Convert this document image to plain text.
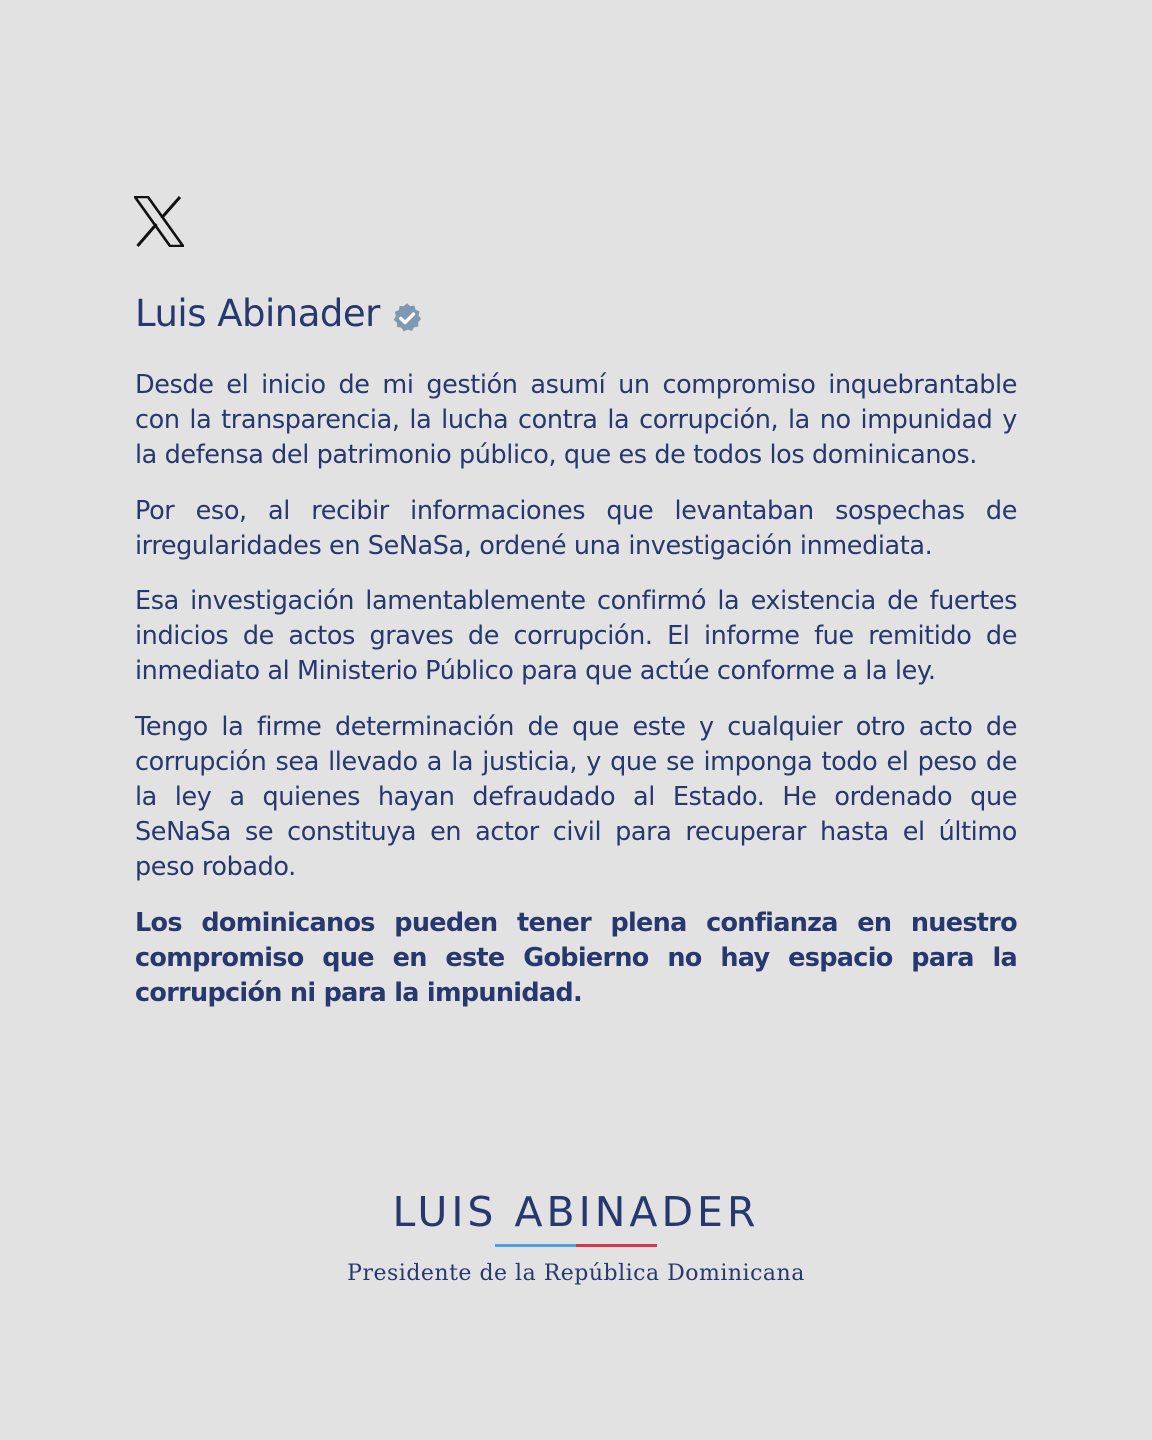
Luis Abinader

Desde el inicio de mi gestión asumí un compromiso inquebrantable con la transparencia, la lucha contra la corrupción, la no impunidad y la defensa del patrimonio público, que es de todos los dominicanos.

Por eso, al recibir informaciones que levantaban sospechas de irregularidades en SeNaSa, ordené una investigación inmediata.

Esa investigación lamentablemente confirmó la existencia de fuertes indicios de actos graves de corrupción. El informe fue remitido de inmediato al Ministerio Público para que actúe conforme a la ley.

Tengo la firme determinación de que este y cualquier otro acto de corrupción sea llevado a la justicia, y que se imponga todo el peso de la ley a quienes hayan defraudado al Estado. He ordenado que SeNaSa se constituya en actor civil para recuperar hasta el último peso robado.

Los dominicanos pueden tener plena confianza en nuestro compromiso que en este Gobierno no hay espacio para la corrupción ni para la impunidad.

LUIS ABINADER
Presidente de la República Dominicana
